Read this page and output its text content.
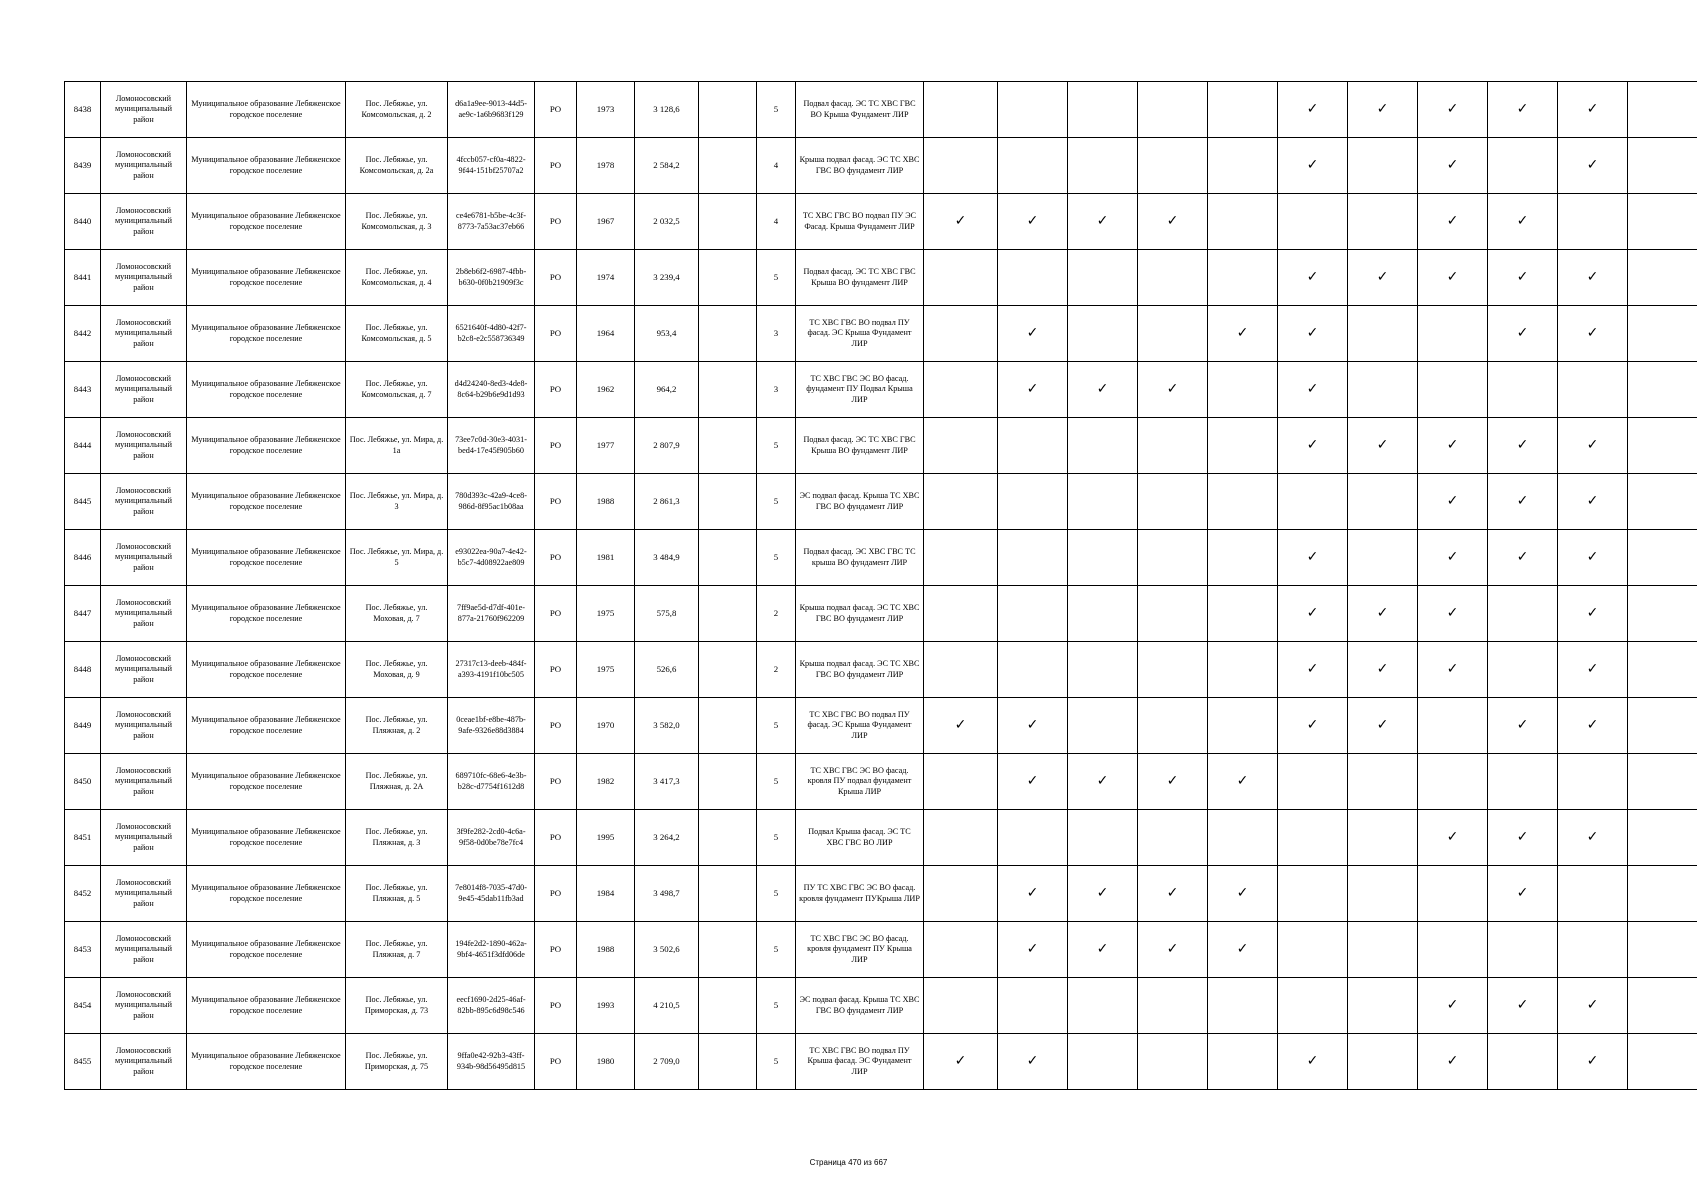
8438	Ломоносовский муниципальный район	Муниципальное образование Лебяженское городское поселение	Пос. Лебяжье, ул. Комсомольская, д. 2	d6a1a9ee-9013-44d5-ae9c-1a6b9683f129	РО	1973	3 128,6		5	Подвал фасад. ЭС ТС ХВС ГВС ВО Крыша Фундамент ЛИР						✓	✓	✓	✓	✓	
8439	Ломоносовский муниципальный район	Муниципальное образование Лебяженское городское поселение	Пос. Лебяжье, ул. Комсомольская, д. 2а	4fccb057-cf0a-4822-9f44-151bf25707a2	РО	1978	2 584,2		4	Крыша подвал фасад. ЭС ТС ХВС ГВС ВО фундамент ЛИР						✓		✓		✓	
8440	Ломоносовский муниципальный район	Муниципальное образование Лебяженское городское поселение	Пос. Лебяжье, ул. Комсомольская, д. 3	ce4e6781-b5be-4c3f-8773-7a53ac37eb66	РО	1967	2 032,5		4	ТС ХВС ГВС ВО подвал ПУ ЭС Фасад. Крыша Фундамент ЛИР	✓	✓	✓	✓				✓	✓		
8441	Ломоносовский муниципальный район	Муниципальное образование Лебяженское городское поселение	Пос. Лебяжье, ул. Комсомольская, д. 4	2b8eb6f2-6987-4fbb-b630-0f0b21909f3c	РО	1974	3 239,4		5	Подвал фасад. ЭС ТС ХВС ГВС Крыша ВО фундамент ЛИР						✓	✓	✓	✓	✓	
8442	Ломоносовский муниципальный район	Муниципальное образование Лебяженское городское поселение	Пос. Лебяжье, ул. Комсомольская, д. 5	6521640f-4d80-42f7-b2c8-e2c558736349	РО	1964	953,4		3	ТС ХВС ГВС ВО подвал ПУ фасад. ЭС Крыша Фундамент ЛИР		✓			✓	✓			✓	✓	
8443	Ломоносовский муниципальный район	Муниципальное образование Лебяженское городское поселение	Пос. Лебяжье, ул. Комсомольская, д. 7	d4d24240-8ed3-4de8-8c64-b29b6e9d1d93	РО	1962	964,2		3	ТС ХВС ГВС ЭС ВО фасад. фундамент ПУ Подвал Крыша ЛИР		✓	✓	✓		✓					
8444	Ломоносовский муниципальный район	Муниципальное образование Лебяженское городское поселение	Пос. Лебяжье, ул. Мира, д. 1а	73ee7c0d-30e3-4031-bed4-17e45f905b60	РО	1977	2 807,9		5	Подвал фасад. ЭС ТС ХВС ГВС Крыша ВО фундамент ЛИР						✓	✓	✓	✓	✓	
8445	Ломоносовский муниципальный район	Муниципальное образование Лебяженское городское поселение	Пос. Лебяжье, ул. Мира, д. 3	780d393c-42a9-4ce8-986d-8f95ac1b08aa	РО	1988	2 861,3		5	ЭС подвал фасад. Крыша ТС ХВС ГВС ВО фундамент ЛИР								✓	✓	✓	
8446	Ломоносовский муниципальный район	Муниципальное образование Лебяженское городское поселение	Пос. Лебяжье, ул. Мира, д. 5	e93022ea-90a7-4e42-b5c7-4d08922ae809	РО	1981	3 484,9		5	Подвал фасад. ЭС ХВС ГВС ТС крыша ВО фундамент ЛИР						✓		✓	✓	✓	
8447	Ломоносовский муниципальный район	Муниципальное образование Лебяженское городское поселение	Пос. Лебяжье, ул. Моховая, д. 7	7ff9ae5d-d7df-401e-877a-21760f962209	РО	1975	575,8		2	Крыша подвал фасад. ЭС ТС ХВС ГВС ВО фундамент ЛИР						✓	✓	✓		✓	
8448	Ломоносовский муниципальный район	Муниципальное образование Лебяженское городское поселение	Пос. Лебяжье, ул. Моховая, д. 9	27317c13-deeb-484f-a393-4191f10bc505	РО	1975	526,6		2	Крыша подвал фасад. ЭС ТС ХВС ГВС ВО фундамент ЛИР						✓	✓	✓		✓	
8449	Ломоносовский муниципальный район	Муниципальное образование Лебяженское городское поселение	Пос. Лебяжье, ул. Пляжная, д. 2	0ceae1bf-e8be-487b-9afe-9326e88d3884	РО	1970	3 582,0		5	ТС ХВС ГВС ВО подвал ПУ фасад. ЭС Крыша Фундамент ЛИР	✓	✓				✓	✓		✓	✓	
8450	Ломоносовский муниципальный район	Муниципальное образование Лебяженское городское поселение	Пос. Лебяжье, ул. Пляжная, д. 2А	689710fc-68e6-4e3b-b28c-d7754f1612d8	РО	1982	3 417,3		5	ТС ХВС ГВС ЭС ВО фасад. кровля ПУ подвал фундамент Крыша ЛИР		✓	✓	✓	✓						
8451	Ломоносовский муниципальный район	Муниципальное образование Лебяженское городское поселение	Пос. Лебяжье, ул. Пляжная, д. 3	3f9fe282-2cd0-4c6a-9f58-0d0be78e7fc4	РО	1995	3 264,2		5	Подвал Крыша фасад. ЭС ТС ХВС ГВС ВО ЛИР								✓	✓	✓	
8452	Ломоносовский муниципальный район	Муниципальное образование Лебяженское городское поселение	Пос. Лебяжье, ул. Пляжная, д. 5	7e8014f8-7035-47d0-9e45-45dab11fb3ad	РО	1984	3 498,7		5	ПУ ТС ХВС ГВС ЭС ВО фасад. кровля фундамент ПУКрыша ЛИР		✓	✓	✓	✓				✓		
8453	Ломоносовский муниципальный район	Муниципальное образование Лебяженское городское поселение	Пос. Лебяжье, ул. Пляжная, д. 7	194fe2d2-1890-462a-9bf4-4651f3dfd06de	РО	1988	3 502,6		5	ТС ХВС ГВС ЭС ВО фасад. кровля фундамент ПУ Крыша ЛИР		✓	✓	✓	✓						
8454	Ломоносовский муниципальный район	Муниципальное образование Лебяженское городское поселение	Пос. Лебяжье, ул. Приморская, д. 73	eecf1690-2d25-46af-82bb-895c6d98c546	РО	1993	4 210,5		5	ЭС подвал фасад. Крыша ТС ХВС ГВС ВО фундамент ЛИР								✓	✓	✓	
8455	Ломоносовский муниципальный район	Муниципальное образование Лебяженское городское поселение	Пос. Лебяжье, ул. Приморская, д. 75	9ffa0e42-92b3-43ff-934b-98d56495d815	РО	1980	2 709,0		5	ТС ХВС ГВС ВО подвал ПУ Крыша фасад. ЭС Фундамент ЛИР	✓	✓				✓		✓		✓	
Страница 470 из 667
